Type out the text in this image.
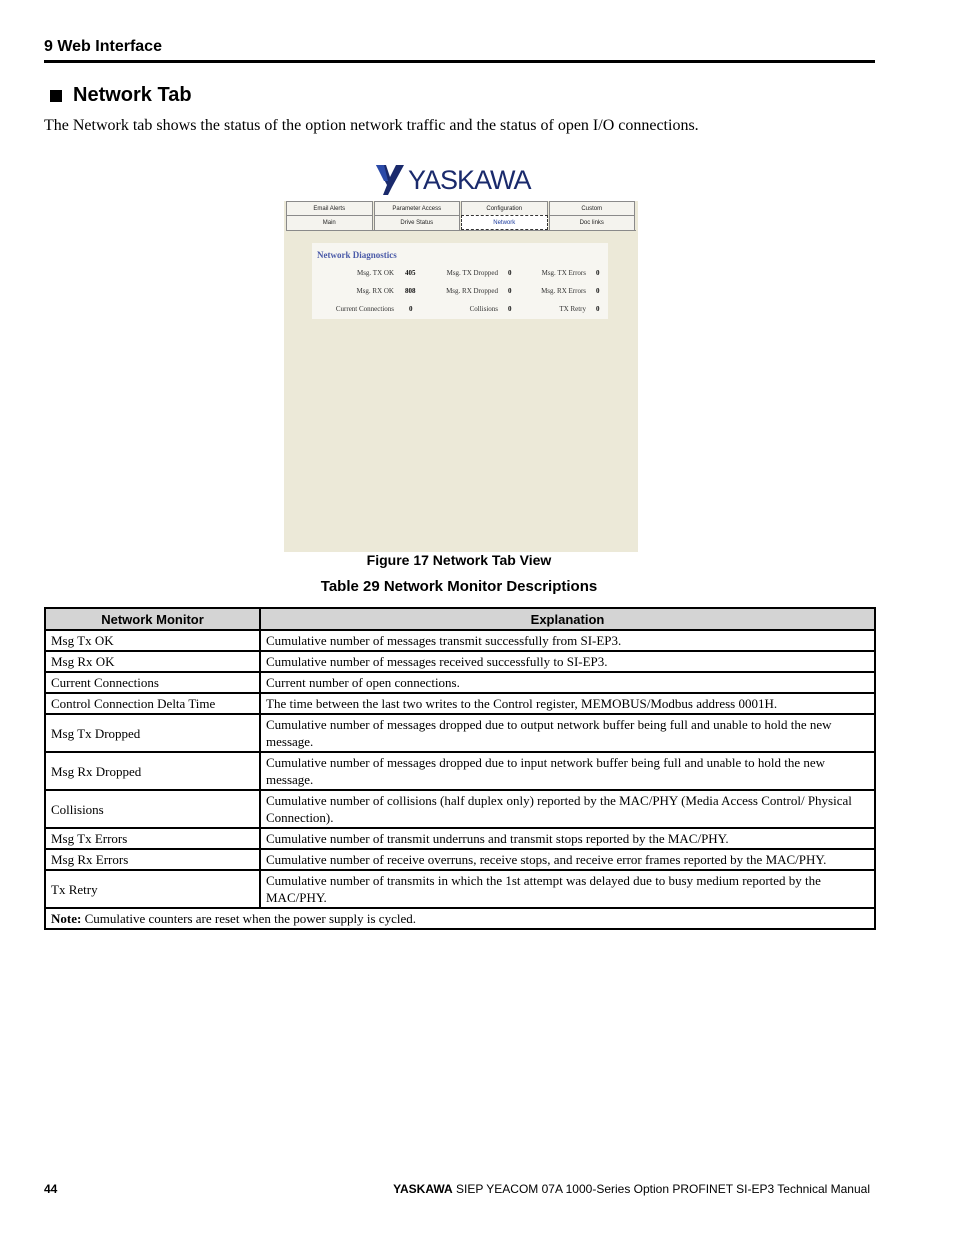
9 Web Interface
Network Tab
The Network tab shows the status of the option network traffic and the status of open I/O connections.
YASKAWA
Email Alerts	Parameter Access	Configuration	Custom
Main	Drive Status	Network	Doc links
Network Diagnostics
Msg. TX OK 405	Msg. TX Dropped 0	Msg. TX Errors 0
Msg. RX OK 808	Msg. RX Dropped 0	Msg. RX Errors 0
Current Connections 0	Collisions 0	TX Retry 0
Figure 17 Network Tab View
Table 29 Network Monitor Descriptions
Network Monitor	Explanation
Msg Tx OK	Cumulative number of messages transmit successfully from SI-EP3.
Msg Rx OK	Cumulative number of messages received successfully to SI-EP3.
Current Connections	Current number of open connections.
Control Connection Delta Time	The time between the last two writes to the Control register, MEMOBUS/Modbus address 0001H.
Msg Tx Dropped	Cumulative number of messages dropped due to output network buffer being full and unable to hold the new message.
Msg Rx Dropped	Cumulative number of messages dropped due to input network buffer being full and unable to hold the new message.
Collisions	Cumulative number of collisions (half duplex only) reported by the MAC/PHY (Media Access Control/ Physical Connection).
Msg Tx Errors	Cumulative number of transmit underruns and transmit stops reported by the MAC/PHY.
Msg Rx Errors	Cumulative number of receive overruns, receive stops, and receive error frames reported by the MAC/PHY.
Tx Retry	Cumulative number of transmits in which the 1st attempt was delayed due to busy medium reported by the MAC/PHY.
Note: Cumulative counters are reset when the power supply is cycled.	
44	YASKAWA SIEP YEACOM 07A 1000-Series Option PROFINET SI-EP3 Technical Manual
